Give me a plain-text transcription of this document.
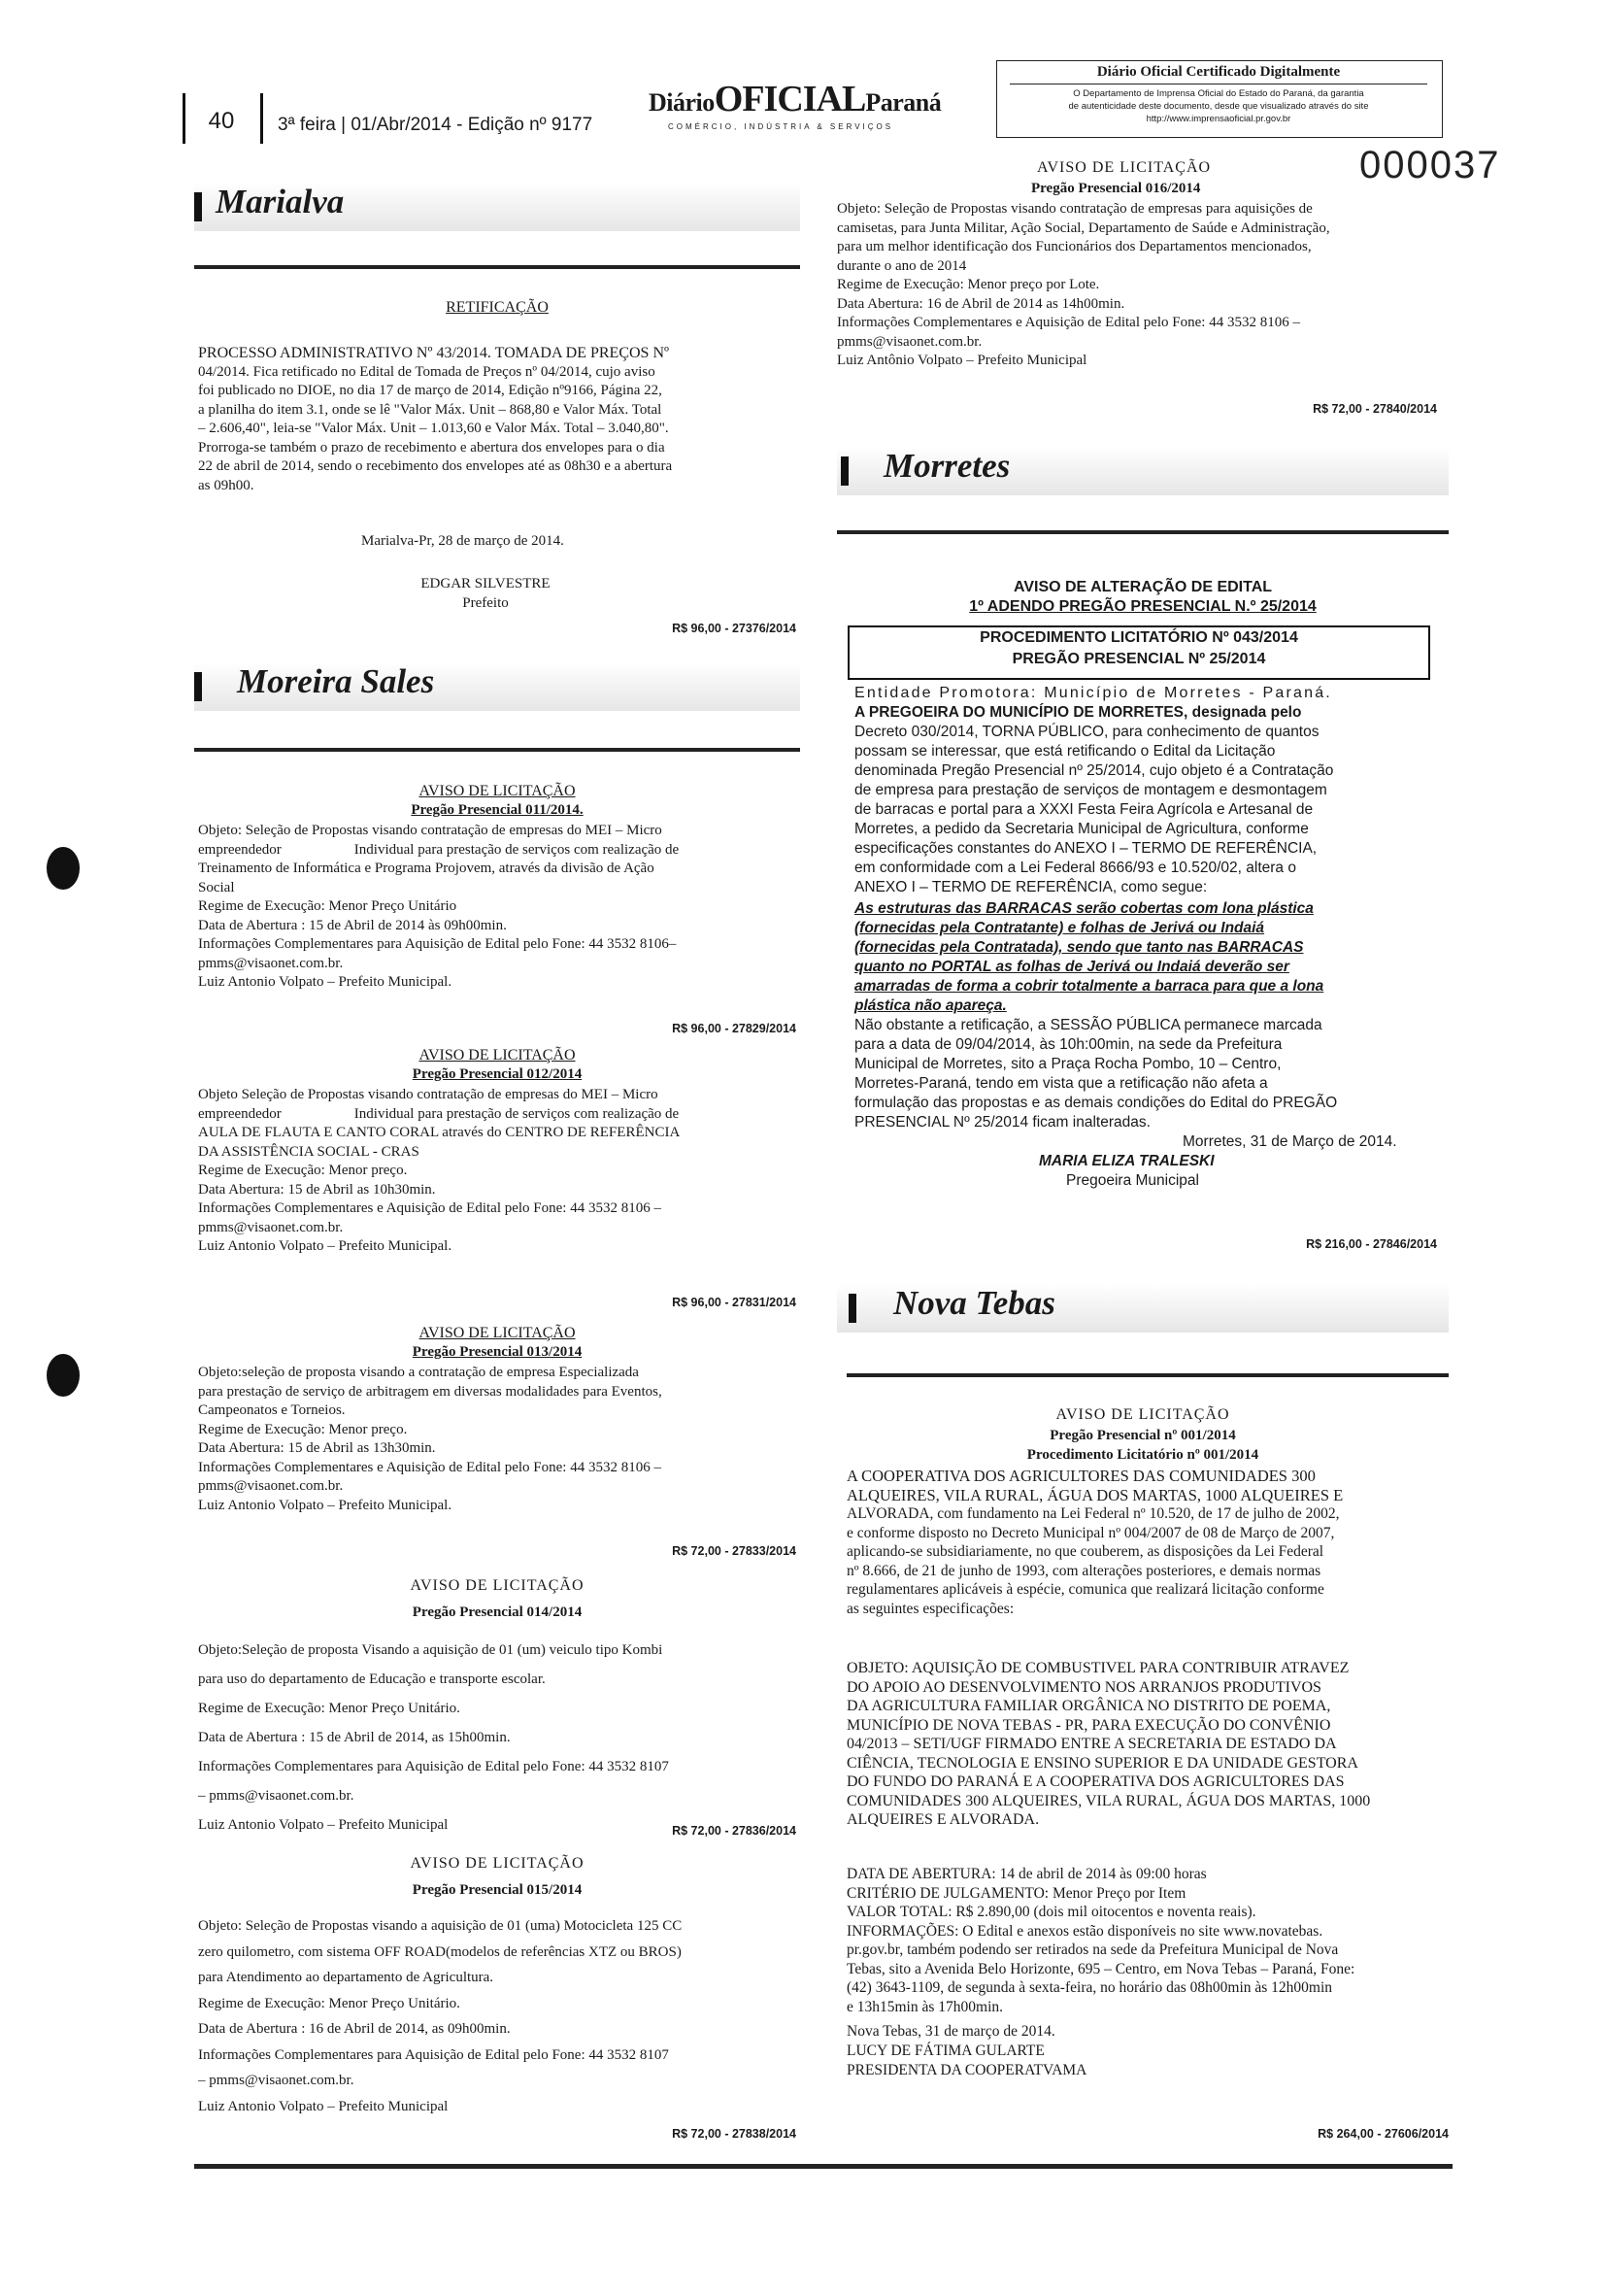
40	3ª feira | 01/Abr/2014 - Edição nº 9177
DiárioOFICIALParaná
COMÉRCIO, INDÚSTRIA & SERVIÇOS
Diário Oficial Certificado Digitalmente
O Departamento de Imprensa Oficial do Estado do Paraná, da garantia
de autenticidade deste documento, desde que visualizado através do site
http://www.imprensaoficial.pr.gov.br
000037
Marialva
RETIFICAÇÃO
PROCESSO ADMINISTRATIVO Nº 43/2014. TOMADA DE PREÇOS Nº
04/2014. Fica retificado no Edital de Tomada de Preços nº 04/2014, cujo aviso
foi publicado no DIOE, no dia 17 de março de 2014, Edição nº9166, Página 22,
a planilha do item 3.1, onde se lê "Valor Máx. Unit – 868,80 e Valor Máx. Total
– 2.606,40", leia-se "Valor Máx. Unit – 1.013,60 e Valor Máx. Total – 3.040,80".
Prorroga-se também o prazo de recebimento e abertura dos envelopes para o dia
22 de abril de 2014, sendo o recebimento dos envelopes até as 08h30 e a abertura
as 09h00.
Marialva-Pr, 28 de março de 2014.
EDGAR SILVESTRE
Prefeito
R$ 96,00 - 27376/2014
Moreira Sales
AVISO DE LICITAÇÃO
Pregão Presencial 011/2014.
Objeto: Seleção de Propostas visando contratação de empresas do MEI – Micro
empreendedor                    Individual para prestação de serviços com realização de
Treinamento de Informática e Programa Projovem, através da divisão de Ação
Social
Regime de Execução: Menor Preço Unitário
Data de Abertura : 15 de Abril de 2014 às 09h00min.
Informações Complementares para Aquisição de Edital pelo Fone: 44 3532 8106–
pmms@visaonet.com.br.
Luiz Antonio Volpato – Prefeito Municipal.
R$ 96,00 - 27829/2014
AVISO DE LICITAÇÃO
Pregão Presencial 012/2014
Objeto Seleção de Propostas visando contratação de empresas do MEI – Micro
empreendedor                    Individual para prestação de serviços com realização de
AULA DE FLAUTA E CANTO CORAL através do CENTRO DE REFERÊNCIA
DA ASSISTÊNCIA SOCIAL - CRAS
Regime de Execução: Menor preço.
Data Abertura: 15 de Abril as 10h30min.
Informações Complementares e Aquisição de Edital pelo Fone: 44 3532 8106 –
pmms@visaonet.com.br.
Luiz Antonio Volpato – Prefeito Municipal.
R$ 96,00 - 27831/2014
AVISO DE LICITAÇÃO
Pregão Presencial 013/2014
Objeto:seleção de proposta visando a contratação de empresa Especializada
para prestação de serviço de arbitragem em diversas modalidades para Eventos,
Campeonatos e Torneios.
Regime de Execução: Menor preço.
Data Abertura: 15 de Abril as 13h30min.
Informações Complementares e Aquisição de Edital pelo Fone: 44 3532 8106 –
pmms@visaonet.com.br.
Luiz Antonio Volpato – Prefeito Municipal.
R$ 72,00 - 27833/2014
AVISO DE LICITAÇÃO
Pregão Presencial 014/2014
Objeto:Seleção de proposta Visando a aquisição de 01 (um) veiculo tipo Kombi
para uso do departamento de Educação e transporte escolar.
Regime de Execução: Menor Preço Unitário.
Data de Abertura : 15 de Abril de 2014, as 15h00min.
Informações Complementares para Aquisição de Edital pelo Fone: 44 3532 8107
– pmms@visaonet.com.br.
Luiz Antonio Volpato – Prefeito Municipal	R$ 72,00 - 27836/2014
AVISO DE LICITAÇÃO
Pregão Presencial 015/2014
Objeto: Seleção de Propostas visando a aquisição de 01 (uma) Motocicleta 125 CC
zero quilometro, com sistema OFF ROAD(modelos de referências XTZ ou BROS)
para Atendimento ao departamento de Agricultura.
Regime de Execução: Menor Preço Unitário.
Data de Abertura : 16 de Abril de 2014, as 09h00min.
Informações Complementares para Aquisição de Edital pelo Fone: 44 3532 8107
– pmms@visaonet.com.br.
Luiz Antonio Volpato – Prefeito Municipal
R$ 72,00 - 27838/2014
AVISO DE LICITAÇÃO
Pregão Presencial 016/2014
Objeto: Seleção de Propostas visando contratação de empresas para aquisições de
camisetas, para Junta Militar, Ação Social, Departamento de Saúde e Administração,
para um melhor identificação dos Funcionários dos Departamentos mencionados,
durante o ano de 2014
Regime de Execução: Menor preço por Lote.
Data Abertura: 16 de Abril de 2014 as 14h00min.
Informações Complementares e Aquisição de Edital pelo Fone: 44 3532 8106 –
pmms@visaonet.com.br.
Luiz Antônio Volpato – Prefeito Municipal
R$ 72,00 - 27840/2014
Morretes
AVISO DE ALTERAÇÃO DE EDITAL
1º ADENDO PREGÃO PRESENCIAL N.º 25/2014
PROCEDIMENTO LICITATÓRIO Nº 043/2014
PREGÃO PRESENCIAL Nº 25/2014
Entidade Promotora: Município de Morretes - Paraná.
A PREGOEIRA DO MUNICÍPIO DE MORRETES, designada pelo
Decreto 030/2014, TORNA PÚBLICO, para conhecimento de quantos
possam se interessar, que está retificando o Edital da Licitação
denominada Pregão Presencial nº 25/2014, cujo objeto é a Contratação
de empresa para prestação de serviços de montagem e desmontagem
de barracas e portal para a XXXI Festa Feira Agrícola e Artesanal de
Morretes, a pedido da Secretaria Municipal de Agricultura, conforme
especificações constantes do ANEXO I – TERMO DE REFERÊNCIA,
em conformidade com a Lei Federal 8666/93 e 10.520/02, altera o
ANEXO I – TERMO DE REFERÊNCIA, como segue:
As estruturas das BARRACAS serão cobertas com lona plástica
(fornecidas pela Contratante) e folhas de Jerivá ou Indaiá
(fornecidas pela Contratada), sendo que tanto nas BARRACAS
quanto no PORTAL as folhas de Jerivá ou Indaiá deverão ser
amarradas de forma a cobrir totalmente a barraca para que a lona
plástica não apareça.
Não obstante a retificação, a SESSÃO PÚBLICA permanece marcada
para a data de 09/04/2014, às 10h:00min, na sede da Prefeitura
Municipal de Morretes, sito a Praça Rocha Pombo, 10 – Centro,
Morretes-Paraná, tendo em vista que a retificação não afeta a
formulação das propostas e as demais condições do Edital do PREGÃO
PRESENCIAL Nº 25/2014 ficam inalteradas.
Morretes, 31 de Março de 2014.
MARIA ELIZA TRALESKI
Pregoeira Municipal
R$ 216,00 - 27846/2014
Nova Tebas
AVISO DE LICITAÇÃO
Pregão Presencial nº 001/2014
Procedimento Licitatório nº 001/2014
A COOPERATIVA DOS AGRICULTORES DAS COMUNIDADES 300
ALQUEIRES, VILA RURAL, ÁGUA DOS MARTAS, 1000 ALQUEIRES E
ALVORADA, com fundamento na Lei Federal nº 10.520, de 17 de julho de 2002,
e conforme disposto no Decreto Municipal nº 004/2007 de 08 de Março de 2007,
aplicando-se subsidiariamente, no que couberem, as disposições da Lei Federal
nº 8.666, de 21 de junho de 1993, com alterações posteriores, e demais normas
regulamentares aplicáveis à espécie, comunica que realizará licitação conforme
as seguintes especificações:
OBJETO: AQUISIÇÃO DE COMBUSTIVEL PARA CONTRIBUIR ATRAVEZ
DO APOIO AO DESENVOLVIMENTO NOS ARRANJOS PRODUTIVOS
DA AGRICULTURA FAMILIAR ORGÂNICA NO DISTRITO DE POEMA,
MUNICÍPIO DE NOVA TEBAS - PR, PARA EXECUÇÃO DO CONVÊNIO
04/2013 – SETI/UGF FIRMADO ENTRE A SECRETARIA DE ESTADO DA
CIÊNCIA, TECNOLOGIA E ENSINO SUPERIOR E DA UNIDADE GESTORA
DO FUNDO DO PARANÁ E A COOPERATIVA DOS AGRICULTORES DAS
COMUNIDADES 300 ALQUEIRES, VILA RURAL, ÁGUA DOS MARTAS, 1000
ALQUEIRES E ALVORADA.
DATA DE ABERTURA: 14 de abril de 2014 às 09:00 horas
CRITÉRIO DE JULGAMENTO: Menor Preço por Item
VALOR TOTAL: R$ 2.890,00 (dois mil oitocentos e noventa reais).
INFORMAÇÕES: O Edital e anexos estão disponíveis no site www.novatebas.
pr.gov.br, também podendo ser retirados na sede da Prefeitura Municipal de Nova
Tebas, sito a Avenida Belo Horizonte, 695 – Centro, em Nova Tebas – Paraná, Fone:
(42) 3643-1109, de segunda à sexta-feira, no horário das 08h00min às 12h00min
e 13h15min às 17h00min.
Nova Tebas, 31 de março de 2014.
LUCY DE FÁTIMA GULARTE
PRESIDENTA DA COOPERATVAMA
R$ 264,00 - 27606/2014
